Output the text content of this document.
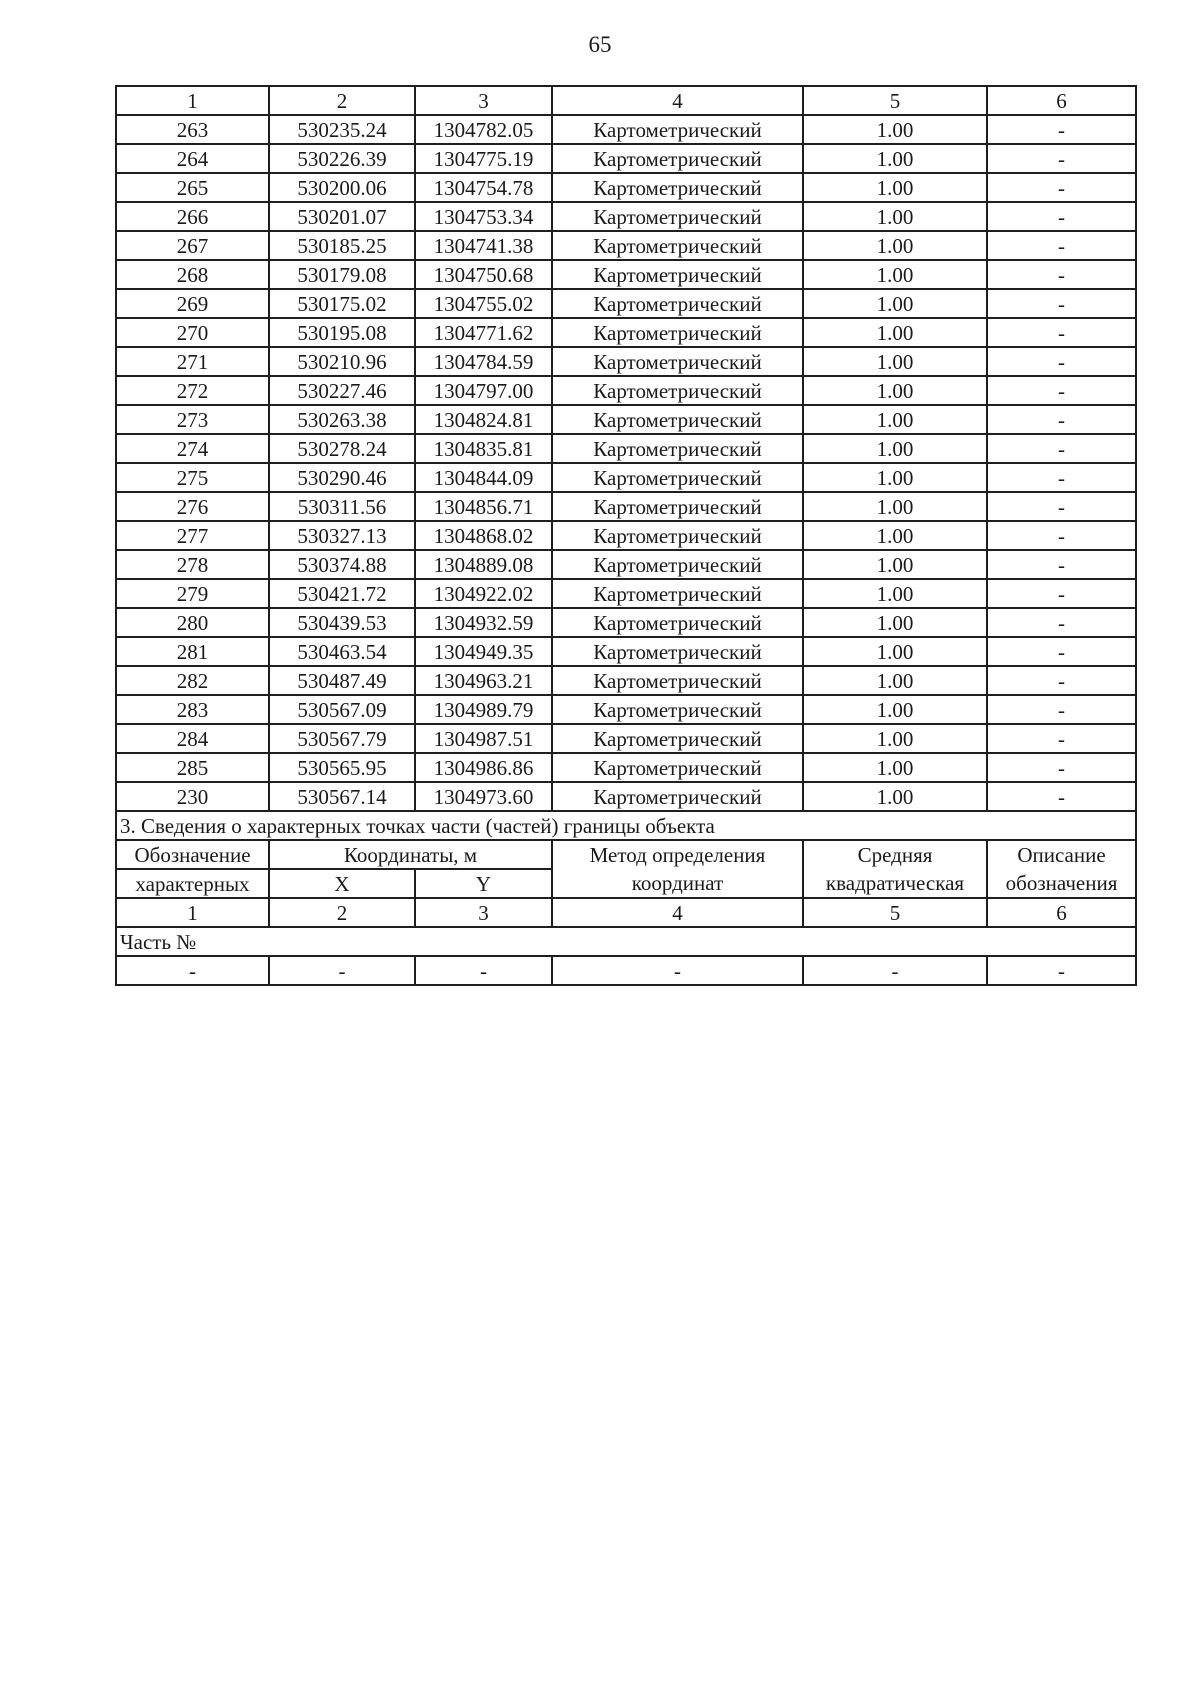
65
1	2	3	4	5	6
263	530235.24	1304782.05	Картометрический	1.00	-
264	530226.39	1304775.19	Картометрический	1.00	-
265	530200.06	1304754.78	Картометрический	1.00	-
266	530201.07	1304753.34	Картометрический	1.00	-
267	530185.25	1304741.38	Картометрический	1.00	-
268	530179.08	1304750.68	Картометрический	1.00	-
269	530175.02	1304755.02	Картометрический	1.00	-
270	530195.08	1304771.62	Картометрический	1.00	-
271	530210.96	1304784.59	Картометрический	1.00	-
272	530227.46	1304797.00	Картометрический	1.00	-
273	530263.38	1304824.81	Картометрический	1.00	-
274	530278.24	1304835.81	Картометрический	1.00	-
275	530290.46	1304844.09	Картометрический	1.00	-
276	530311.56	1304856.71	Картометрический	1.00	-
277	530327.13	1304868.02	Картометрический	1.00	-
278	530374.88	1304889.08	Картометрический	1.00	-
279	530421.72	1304922.02	Картометрический	1.00	-
280	530439.53	1304932.59	Картометрический	1.00	-
281	530463.54	1304949.35	Картометрический	1.00	-
282	530487.49	1304963.21	Картометрический	1.00	-
283	530567.09	1304989.79	Картометрический	1.00	-
284	530567.79	1304987.51	Картометрический	1.00	-
285	530565.95	1304986.86	Картометрический	1.00	-
230	530567.14	1304973.60	Картометрический	1.00	-
3. Сведения о характерных точках части (частей) границы объекта					
Обозначение	Координаты, м		Метод определения	Средняя	Описание
характерных	X	Y	координат	квадратическая	обозначения
1	2	3	4	5	6
Часть №					
-	-	-	-	-	-
